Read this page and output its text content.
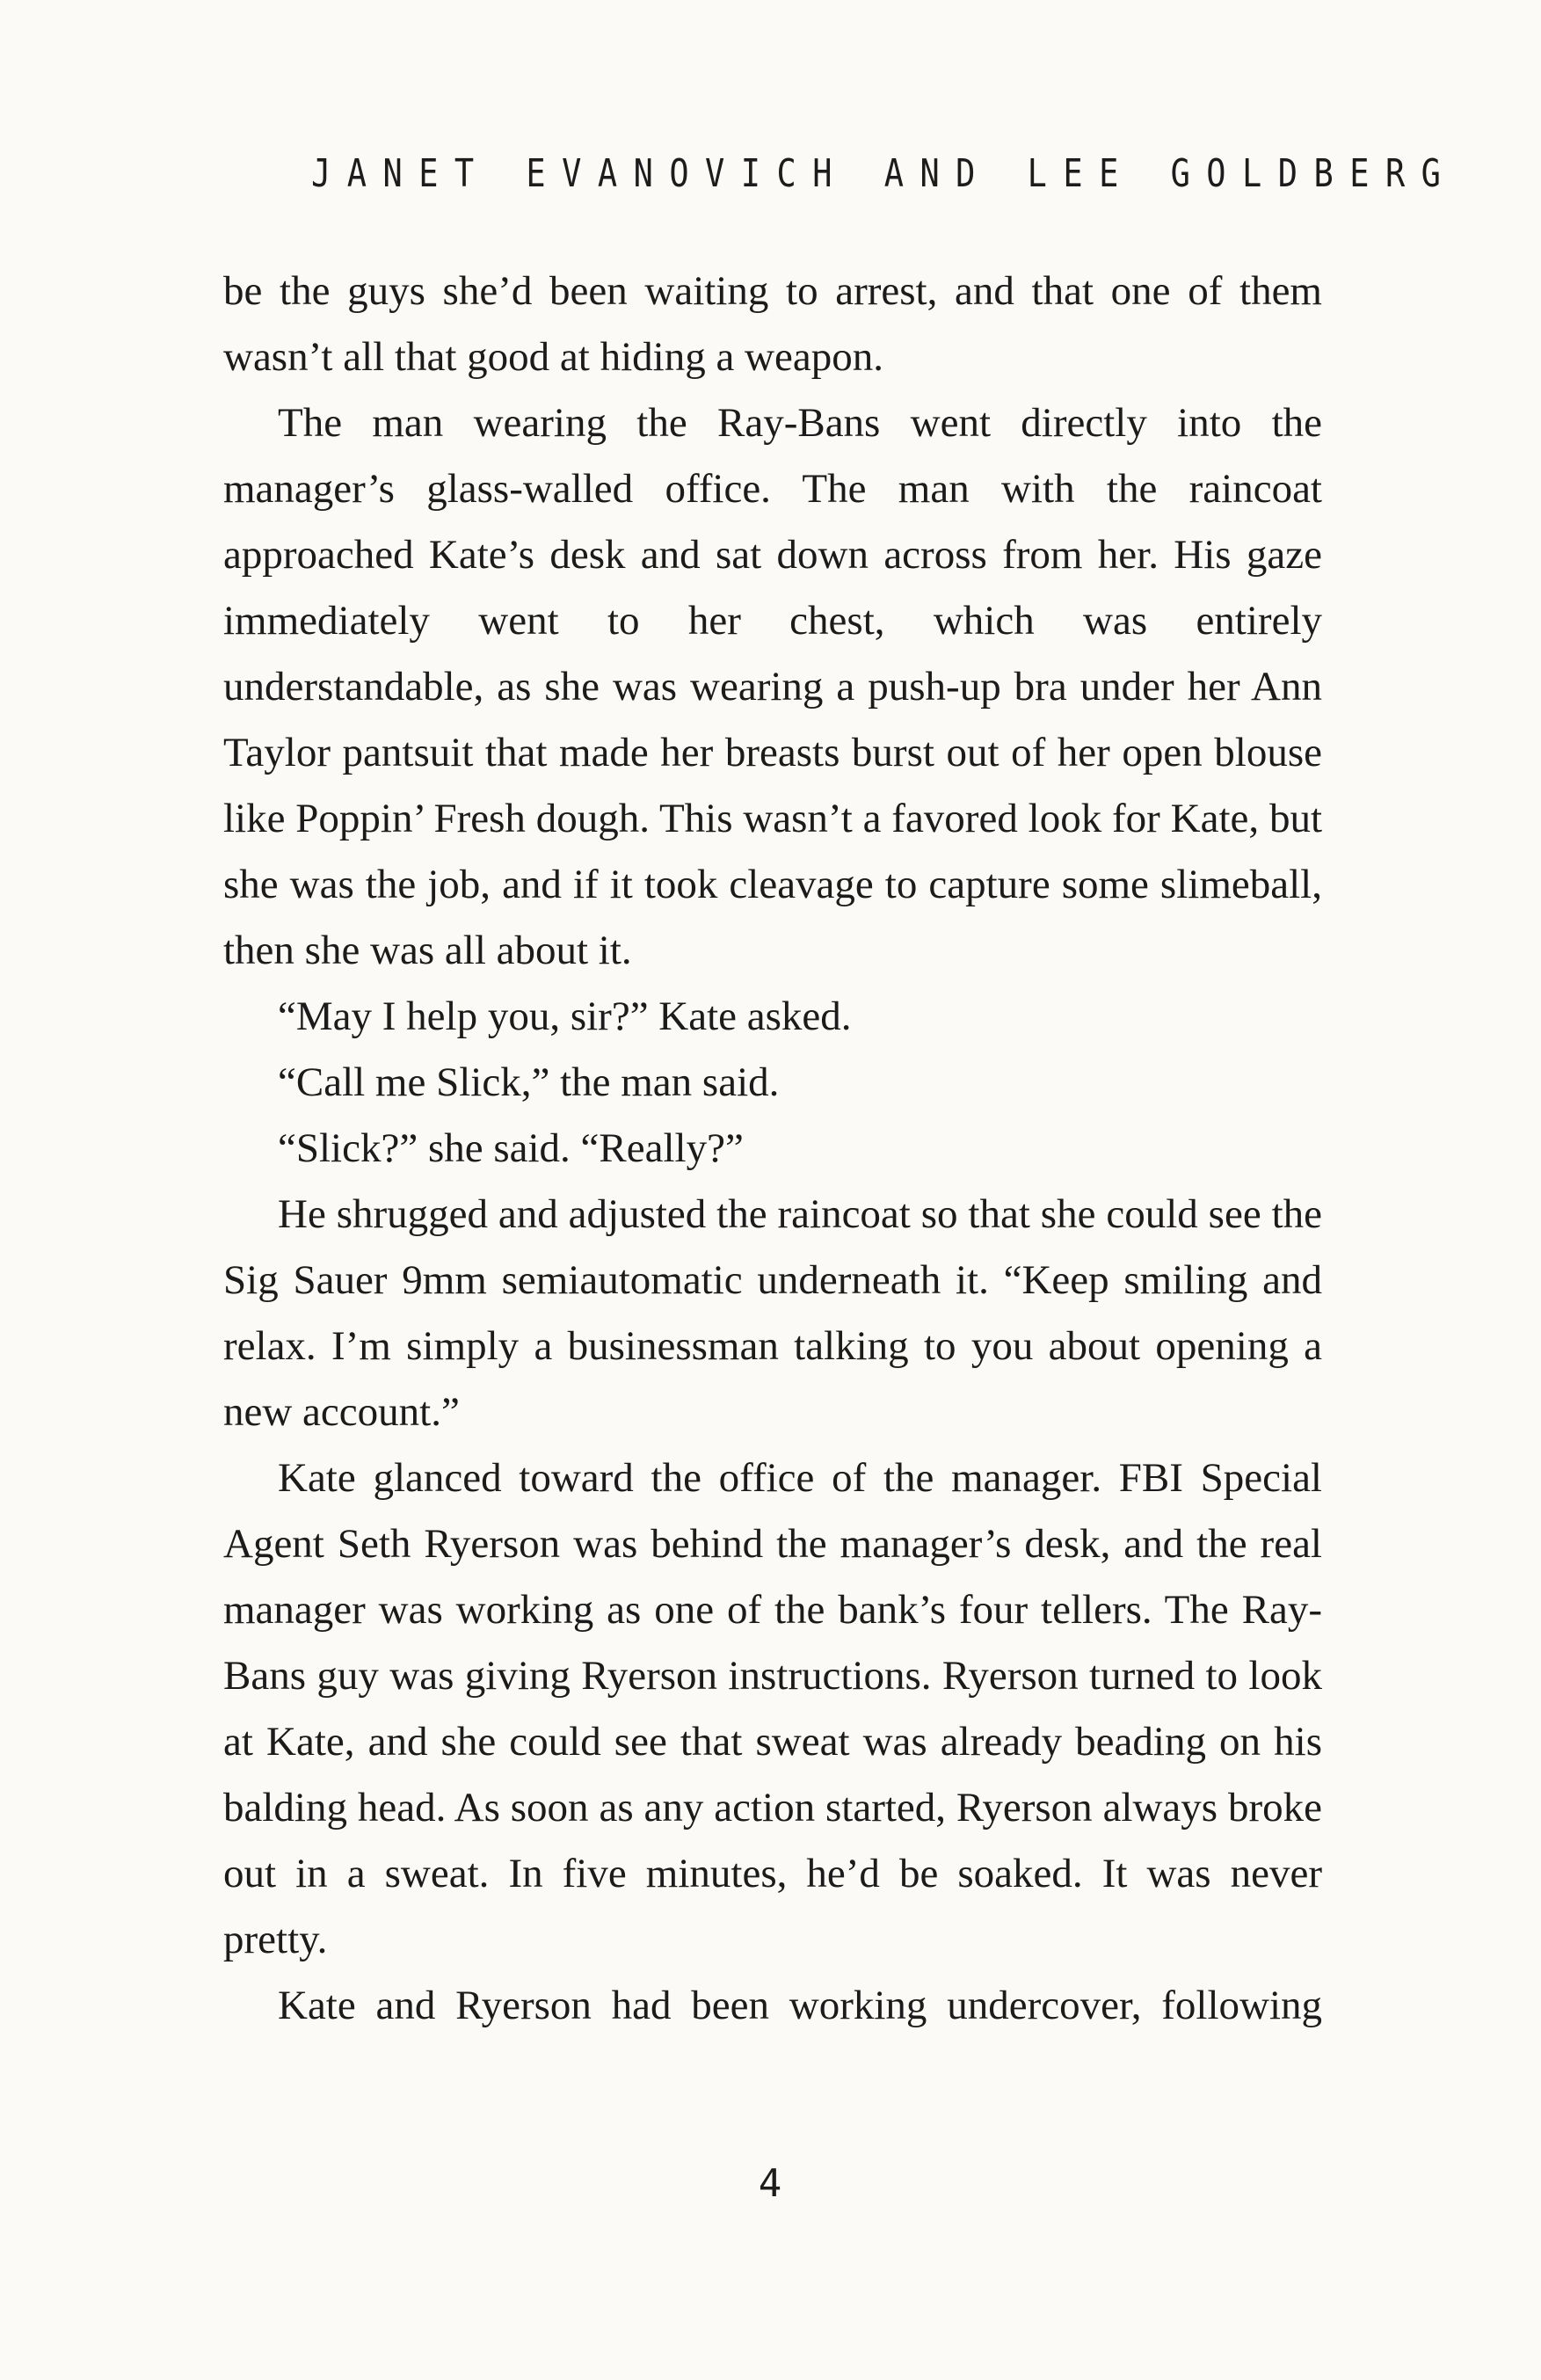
JANET EVANOVICH AND LEE GOLDBERG

be the guys she’d been waiting to arrest, and that one of them wasn’t all that good at hiding a weapon.

The man wearing the Ray-Bans went directly into the manager’s glass-walled office. The man with the raincoat approached Kate’s desk and sat down across from her. His gaze immediately went to her chest, which was entirely understandable, as she was wearing a push-up bra under her Ann Taylor pantsuit that made her breasts burst out of her open blouse like Poppin’ Fresh dough. This wasn’t a favored look for Kate, but she was the job, and if it took cleavage to capture some slimeball, then she was all about it.

“May I help you, sir?” Kate asked.

“Call me Slick,” the man said.

“Slick?” she said. “Really?”

He shrugged and adjusted the raincoat so that she could see the Sig Sauer 9mm semiautomatic underneath it. “Keep smiling and relax. I’m simply a businessman talking to you about opening a new account.”

Kate glanced toward the office of the manager. FBI Special Agent Seth Ryerson was behind the manager’s desk, and the real manager was working as one of the bank’s four tellers. The Ray-Bans guy was giving Ryerson instructions. Ryerson turned to look at Kate, and she could see that sweat was already beading on his balding head. As soon as any action started, Ryerson always broke out in a sweat. In five minutes, he’d be soaked. It was never pretty.

Kate and Ryerson had been working undercover, following

4
